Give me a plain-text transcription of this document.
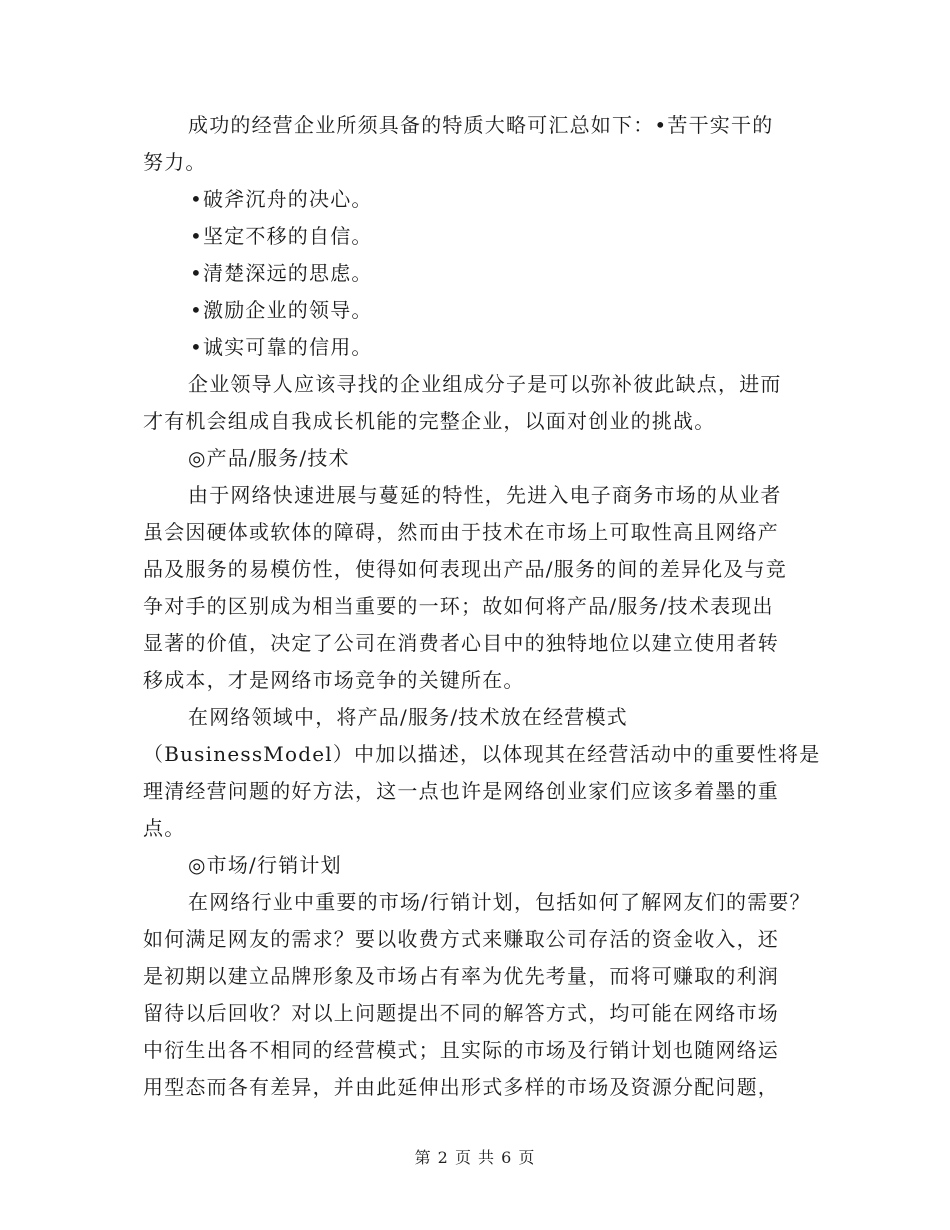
成功的经营企业所须具备的特质大略可汇总如下：•苦干实干的
努力。
•破斧沉舟的决心。
•坚定不移的自信。
•清楚深远的思虑。
•激励企业的领导。
•诚实可靠的信用。
企业领导人应该寻找的企业组成分子是可以弥补彼此缺点，进而
才有机会组成自我成长机能的完整企业，以面对创业的挑战。
◎产品/服务/技术
由于网络快速进展与蔓延的特性，先进入电子商务市场的从业者
虽会因硬体或软体的障碍，然而由于技术在市场上可取性高且网络产
品及服务的易模仿性，使得如何表现出产品/服务的间的差异化及与竞
争对手的区别成为相当重要的一环；故如何将产品/服务/技术表现出
显著的价值，决定了公司在消费者心目中的独特地位以建立使用者转
移成本，才是网络市场竞争的关键所在。
在网络领域中，将产品/服务/技术放在经营模式
（BusinessModel）中加以描述，以体现其在经营活动中的重要性将是
理清经营问题的好方法，这一点也许是网络创业家们应该多着墨的重
点。
◎市场/行销计划
在网络行业中重要的市场/行销计划，包括如何了解网友们的需要？
如何满足网友的需求？要以收费方式来赚取公司存活的资金收入，还
是初期以建立品牌形象及市场占有率为优先考量，而将可赚取的利润
留待以后回收？对以上问题提出不同的解答方式，均可能在网络市场
中衍生出各不相同的经营模式；且实际的市场及行销计划也随网络运
用型态而各有差异，并由此延伸出形式多样的市场及资源分配问题，
第 2 页 共 6 页
